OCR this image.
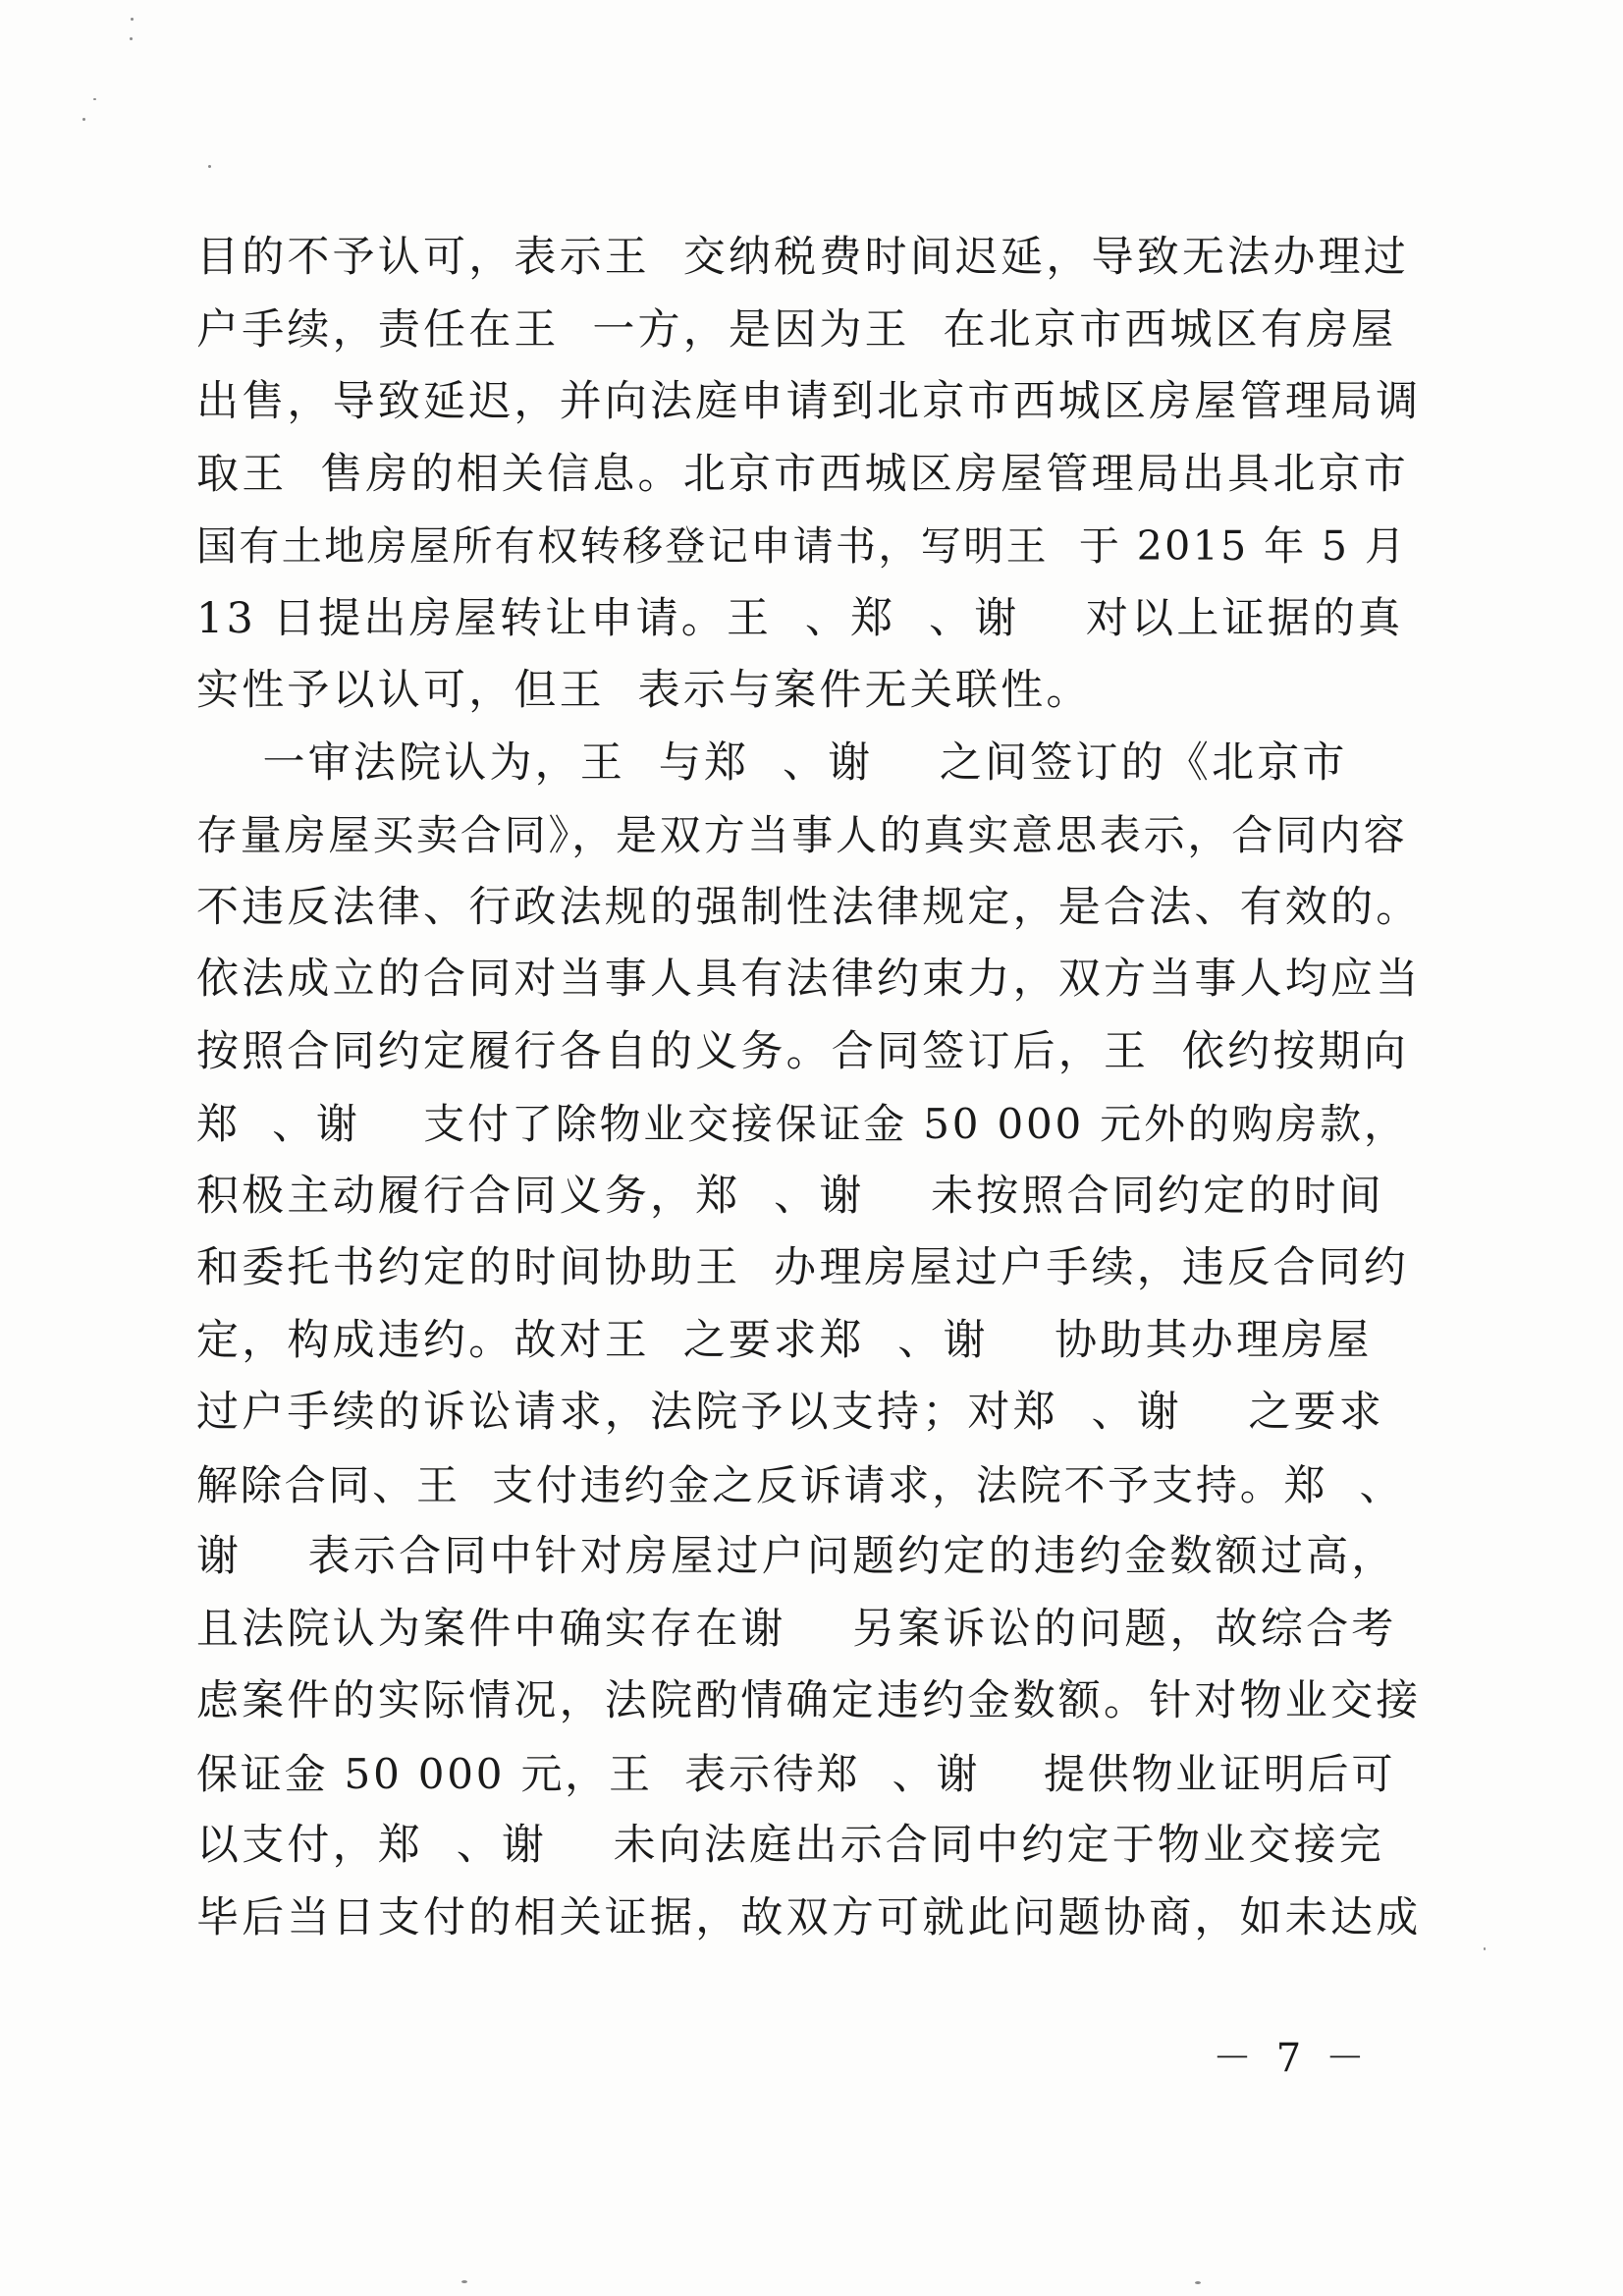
目的不予认可，表示王  交纳税费时间迟延，导致无法办理过
户手续，责任在王  一方，是因为王  在北京市西城区有房屋
出售，导致延迟，并向法庭申请到北京市西城区房屋管理局调
取王  售房的相关信息。北京市西城区房屋管理局出具北京市
国有土地房屋所有权转移登记申请书，写明王  于 2015 年 5 月
13 日提出房屋转让申请。王  、郑  、谢    对以上证据的真
实性予以认可，但王  表示与案件无关联性。
一审法院认为，王  与郑  、谢    之间签订的《北京市
存量房屋买卖合同》，是双方当事人的真实意思表示，合同内容
不违反法律、行政法规的强制性法律规定，是合法、有效的。
依法成立的合同对当事人具有法律约束力，双方当事人均应当
按照合同约定履行各自的义务。合同签订后，王  依约按期向
郑  、谢    支付了除物业交接保证金 50 000 元外的购房款，
积极主动履行合同义务，郑  、谢    未按照合同约定的时间
和委托书约定的时间协助王  办理房屋过户手续，违反合同约
定，构成违约。故对王  之要求郑  、谢    协助其办理房屋
过户手续的诉讼请求，法院予以支持；对郑  、谢    之要求
解除合同、王  支付违约金之反诉请求，法院不予支持。郑  、
谢    表示合同中针对房屋过户问题约定的违约金数额过高，
且法院认为案件中确实存在谢    另案诉讼的问题，故综合考
虑案件的实际情况，法院酌情确定违约金数额。针对物业交接
保证金 50 000 元，王  表示待郑  、谢    提供物业证明后可
以支付，郑  、谢    未向法庭出示合同中约定于物业交接完
毕后当日支付的相关证据，故双方可就此问题协商，如未达成
－ 7 －
